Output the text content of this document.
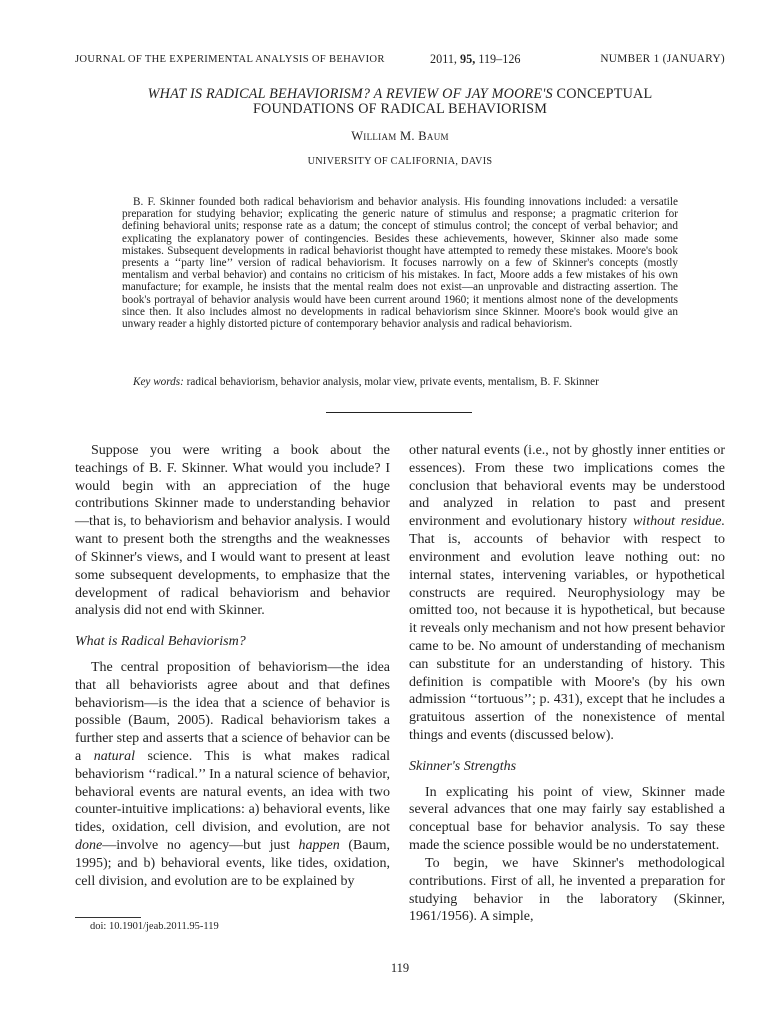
JOURNAL OF THE EXPERIMENTAL ANALYSIS OF BEHAVIOR	2011, 95, 119–126	NUMBER 1 (JANUARY)
WHAT IS RADICAL BEHAVIORISM? A REVIEW OF JAY MOORE'S CONCEPTUAL
FOUNDATIONS OF RADICAL BEHAVIORISM
William M. Baum
UNIVERSITY OF CALIFORNIA, DAVIS

B. F. Skinner founded both radical behaviorism and behavior analysis. His founding innovations included: a versatile preparation for studying behavior; explicating the generic nature of stimulus and response; a pragmatic criterion for defining behavioral units; response rate as a datum; the concept of stimulus control; the concept of verbal behavior; and explicating the explanatory power of contingencies. Besides these achievements, however, Skinner also made some mistakes. Subsequent developments in radical behaviorist thought have attempted to remedy these mistakes. Moore's book presents a ‘‘party line’’ version of radical behaviorism. It focuses narrowly on a few of Skinner's concepts (mostly mentalism and verbal behavior) and contains no criticism of his mistakes. In fact, Moore adds a few mistakes of his own manufacture; for example, he insists that the mental realm does not exist—an unprovable and distracting assertion. The book's portrayal of behavior analysis would have been current around 1960; it mentions almost none of the developments since then. It also includes almost no developments in radical behaviorism since Skinner. Moore's book would give an unwary reader a highly distorted picture of contemporary behavior analysis and radical behaviorism.

Key words: radical behaviorism, behavior analysis, molar view, private events, mentalism, B. F. Skinner

Suppose you were writing a book about the teachings of B. F. Skinner. What would you include? I would begin with an appreciation of the huge contributions Skinner made to understanding behavior—that is, to behaviorism and behavior analysis. I would want to present both the strengths and the weaknesses of Skinner's views, and I would want to present at least some subsequent developments, to emphasize that the development of radical behaviorism and behavior analysis did not end with Skinner.

What is Radical Behaviorism?

The central proposition of behaviorism—the idea that all behaviorists agree about and that defines behaviorism—is the idea that a science of behavior is possible (Baum, 2005). Radical behaviorism takes a further step and asserts that a science of behavior can be a natural science. This is what makes radical behaviorism ‘‘radical.’’ In a natural science of behavior, behavioral events are natural events, an idea with two counter-intuitive implications: a) behavioral events, like tides, oxidation, cell division, and evolution, are not done—involve no agency—but just happen (Baum, 1995); and b) behavioral events, like tides, oxidation, cell division, and evolution are to be explained by

other natural events (i.e., not by ghostly inner entities or essences). From these two implications comes the conclusion that behavioral events may be understood and analyzed in relation to past and present environment and evolutionary history without residue. That is, accounts of behavior with respect to environment and evolution leave nothing out: no internal states, intervening variables, or hypothetical constructs are required. Neurophysiology may be omitted too, not because it is hypothetical, but because it reveals only mechanism and not how present behavior came to be. No amount of understanding of mechanism can substitute for an understanding of history. This definition is compatible with Moore's (by his own admission ‘‘tortuous’’; p. 431), except that he includes a gratuitous assertion of the nonexistence of mental things and events (discussed below).

Skinner's Strengths

In explicating his point of view, Skinner made several advances that one may fairly say established a conceptual base for behavior analysis. To say these made the science possible would be no understatement.

To begin, we have Skinner's methodological contributions. First of all, he invented a preparation for studying behavior in the laboratory (Skinner, 1961/1956). A simple,

doi: 10.1901/jeab.2011.95-119
119
